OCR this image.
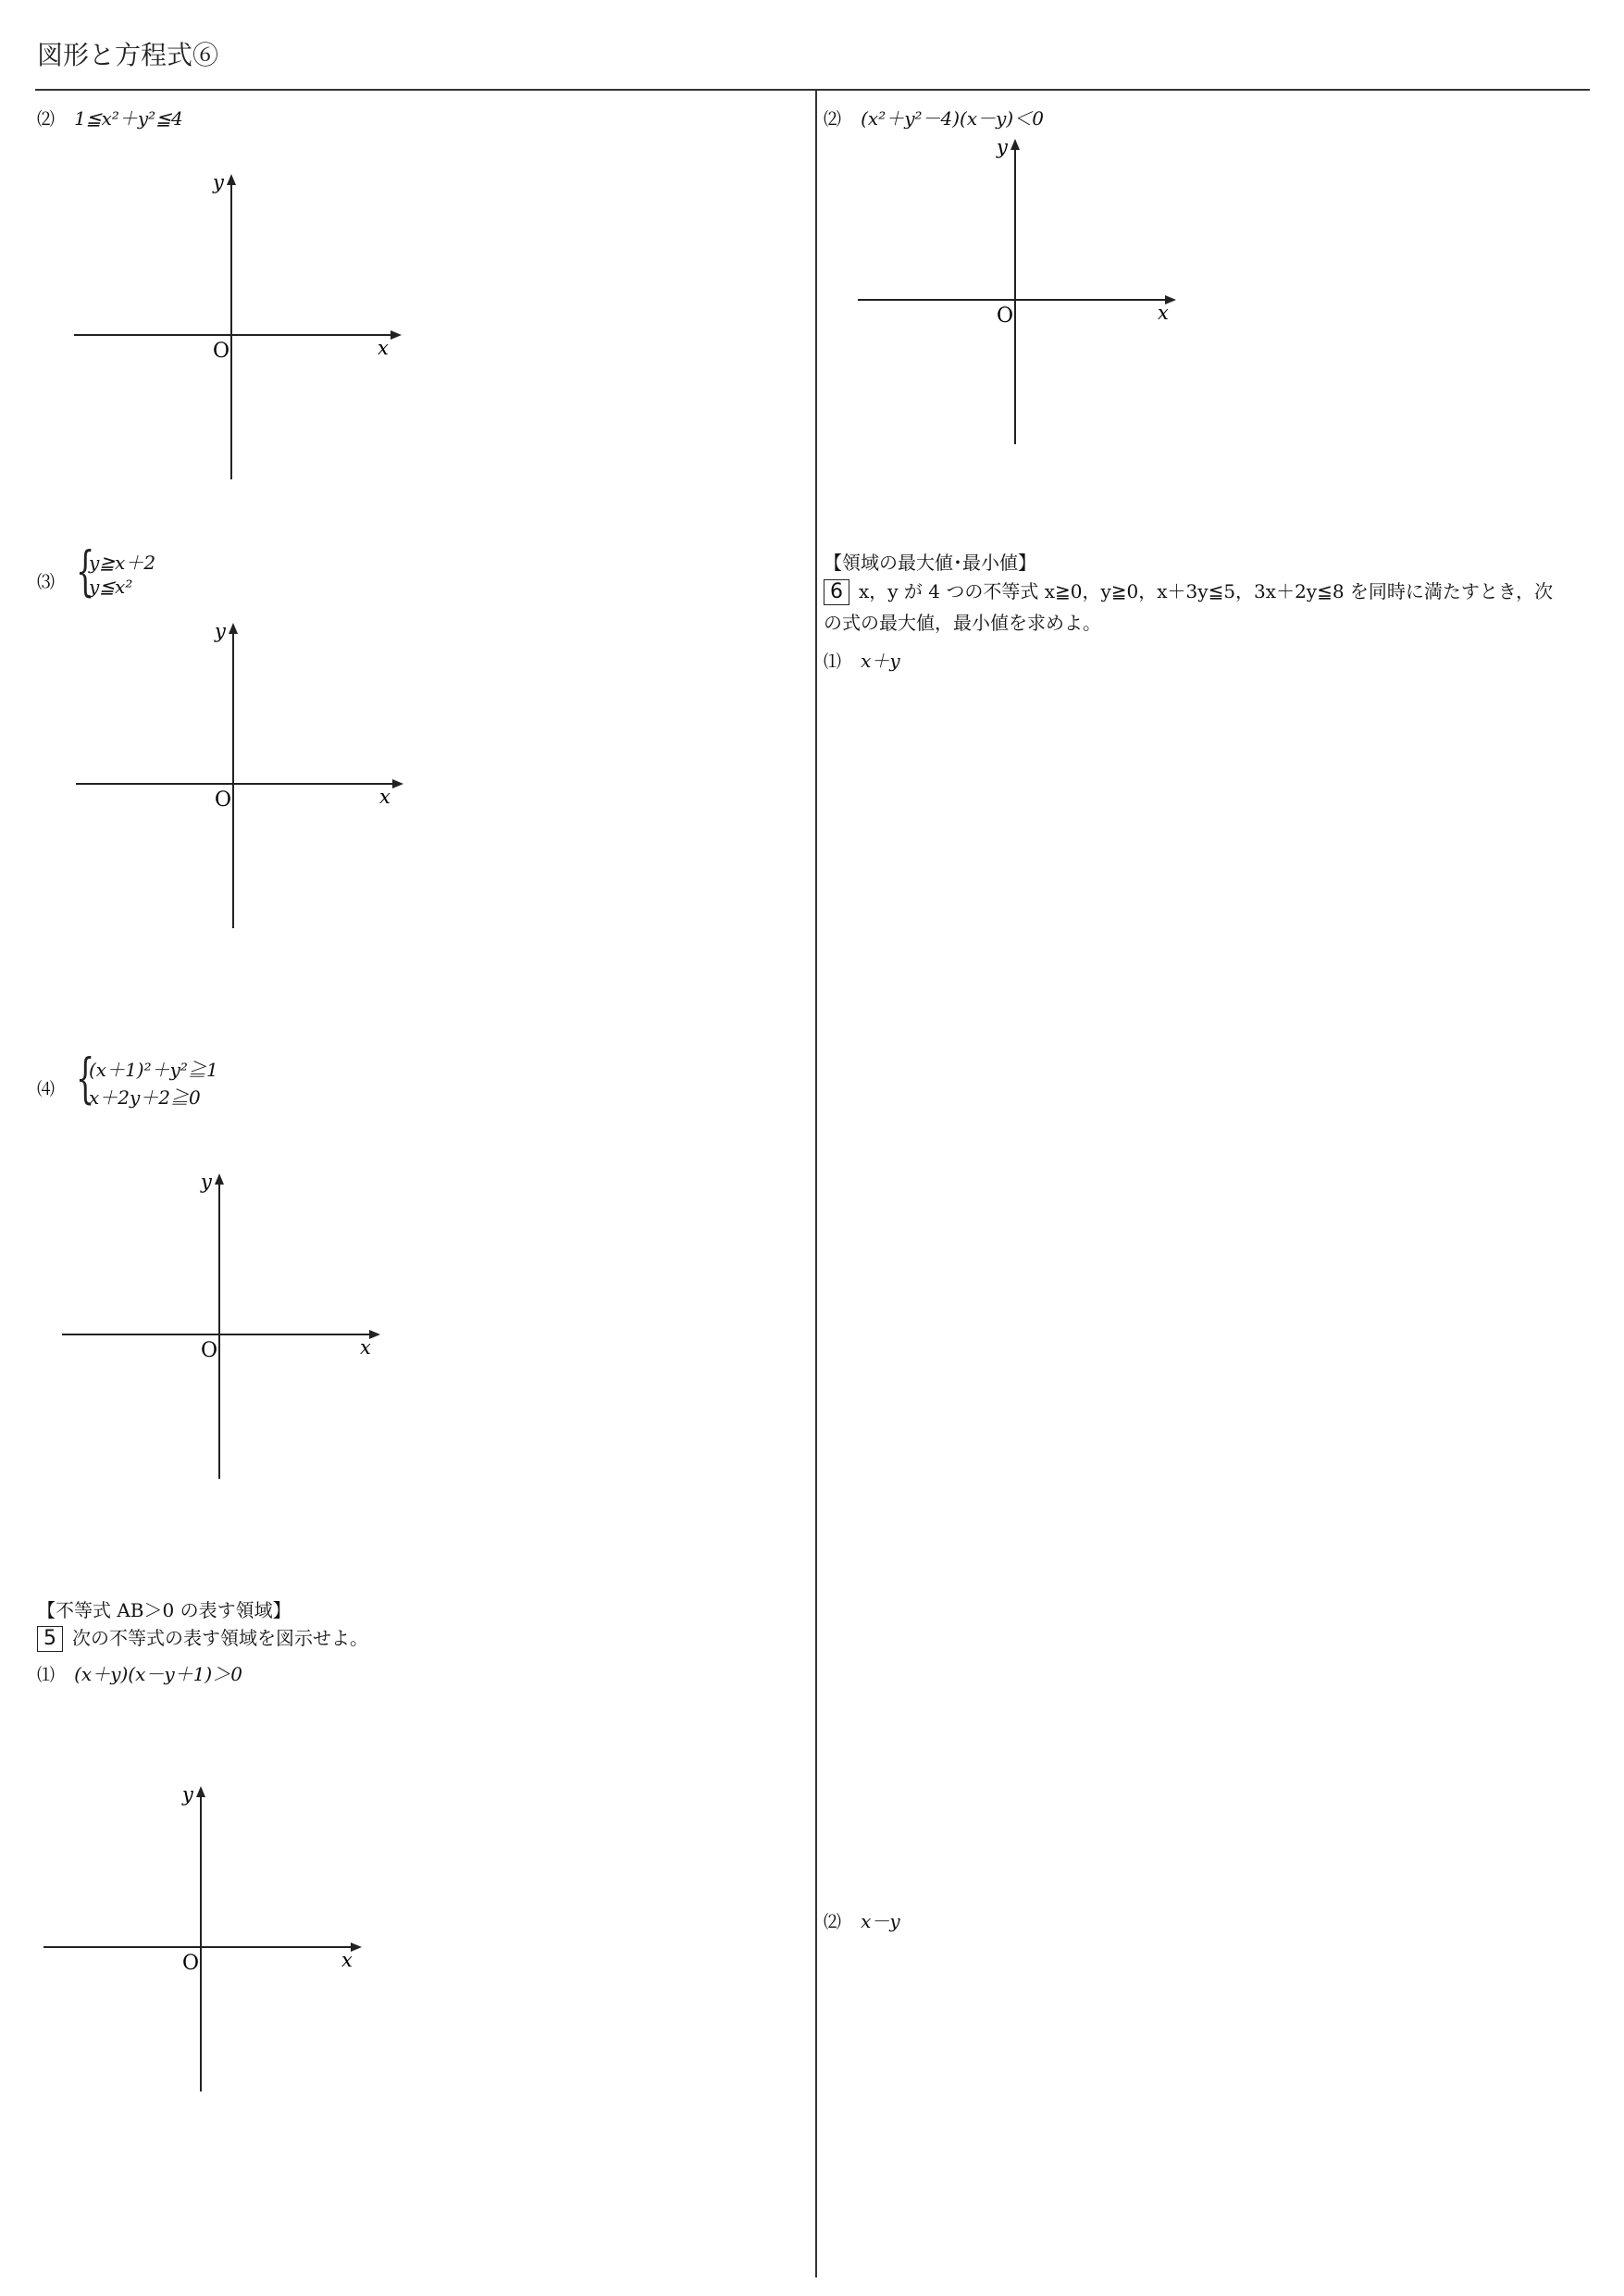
図形と方程式⑥
⑵ 1≦x²＋y²≦4
O	x
y
⑶ {
y≧x＋2
y≦x²
O	x
y
⑷ {
(x＋1)²＋y²≧1
x＋2y＋2≧0
O	x
y
【不等式 AB＞0 の表す領域】
5 次の不等式の表す領域を図示せよ。
⑴ (x＋y)(x－y＋1)＞0
O	x
y
⑵ (x²＋y²－4)(x－y)＜0
O	x
y
【領域の最大値･最小値】
6 x，y が 4 つの不等式 x≧0，y≧0，x＋3y≦5，3x＋2y≦8 を同時に満たすとき，次
の式の最大値，最小値を求めよ。
⑴ x＋y
⑵ x－y
